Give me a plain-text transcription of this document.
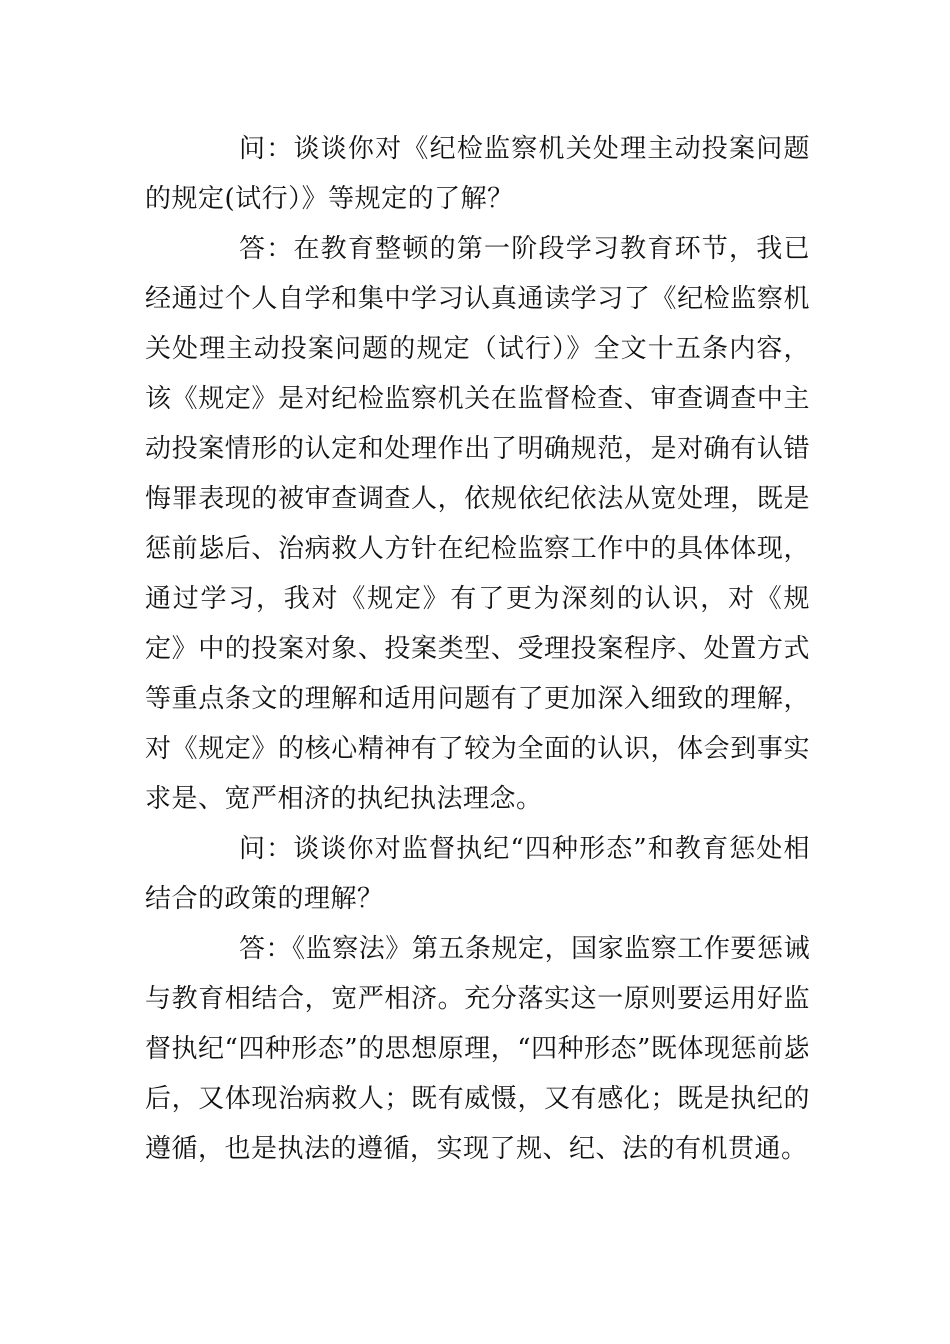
问：谈谈你对《纪检监察机关处理主动投案问题的规定(试行）》等规定的了解？

答：在教育整顿的第一阶段学习教育环节，我已经通过个人自学和集中学习认真通读学习了《纪检监察机关处理主动投案问题的规定（试行）》全文十五条内容，该《规定》是对纪检监察机关在监督检查、审查调查中主动投案情形的认定和处理作出了明确规范，是对确有认错悔罪表现的被审查调查人，依规依纪依法从宽处理，既是惩前毖后、治病救人方针在纪检监察工作中的具体体现，通过学习，我对《规定》有了更为深刻的认识，对《规定》中的投案对象、投案类型、受理投案程序、处置方式等重点条文的理解和适用问题有了更加深入细致的理解，对《规定》的核心精神有了较为全面的认识，体会到事实求是、宽严相济的执纪执法理念。

问：谈谈你对监督执纪“四种形态”和教育惩处相结合的政策的理解？

答：《监察法》第五条规定，国家监察工作要惩诫与教育相结合，宽严相济。充分落实这一原则要运用好监督执纪“四种形态”的思想原理，“四种形态”既体现惩前毖后，又体现治病救人；既有威慑，又有感化；既是执纪的遵循，也是执法的遵循，实现了规、纪、法的有机贯通。
